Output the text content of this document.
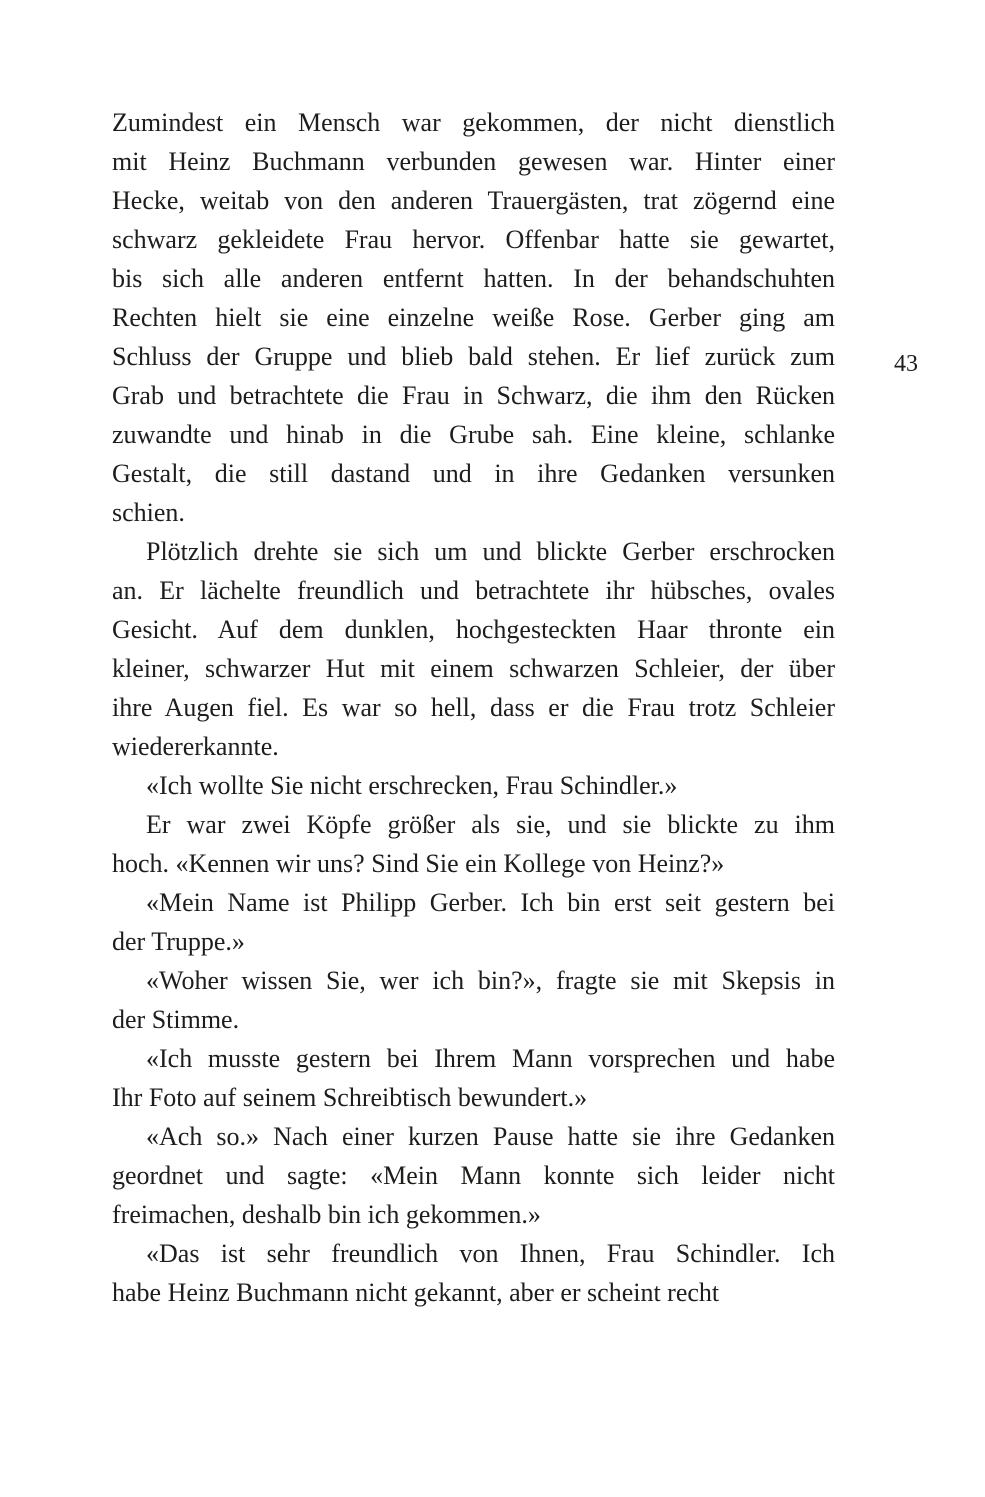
Zumindest ein Mensch war gekommen, der nicht dienstlich
mit Heinz Buchmann verbunden gewesen war. Hinter einer
Hecke, weitab von den anderen Trauergästen, trat zögernd eine
schwarz gekleidete Frau hervor. Offenbar hatte sie gewartet,
bis sich alle anderen entfernt hatten. In der behandschuhten
Rechten hielt sie eine einzelne weiße Rose. Gerber ging am
Schluss der Gruppe und blieb bald stehen. Er lief zurück zum
Grab und betrachtete die Frau in Schwarz, die ihm den Rücken
zuwandte und hinab in die Grube sah. Eine kleine, schlanke
Gestalt, die still dastand und in ihre Gedanken versunken
schien.

Plötzlich drehte sie sich um und blickte Gerber erschrocken
an. Er lächelte freundlich und betrachtete ihr hübsches, ovales
Gesicht. Auf dem dunklen, hochgesteckten Haar thronte ein
kleiner, schwarzer Hut mit einem schwarzen Schleier, der über
ihre Augen fiel. Es war so hell, dass er die Frau trotz Schleier
wiedererkannte.

«Ich wollte Sie nicht erschrecken, Frau Schindler.»

Er war zwei Köpfe größer als sie, und sie blickte zu ihm
hoch. «Kennen wir uns? Sind Sie ein Kollege von Heinz?»

«Mein Name ist Philipp Gerber. Ich bin erst seit gestern bei
der Truppe.»

«Woher wissen Sie, wer ich bin?», fragte sie mit Skepsis in
der Stimme.

«Ich musste gestern bei Ihrem Mann vorsprechen und habe
Ihr Foto auf seinem Schreibtisch bewundert.»

«Ach so.» Nach einer kurzen Pause hatte sie ihre Gedanken
geordnet und sagte: «Mein Mann konnte sich leider nicht
freimachen, deshalb bin ich gekommen.»

«Das ist sehr freundlich von Ihnen, Frau Schindler. Ich
habe Heinz Buchmann nicht gekannt, aber er scheint recht

43
